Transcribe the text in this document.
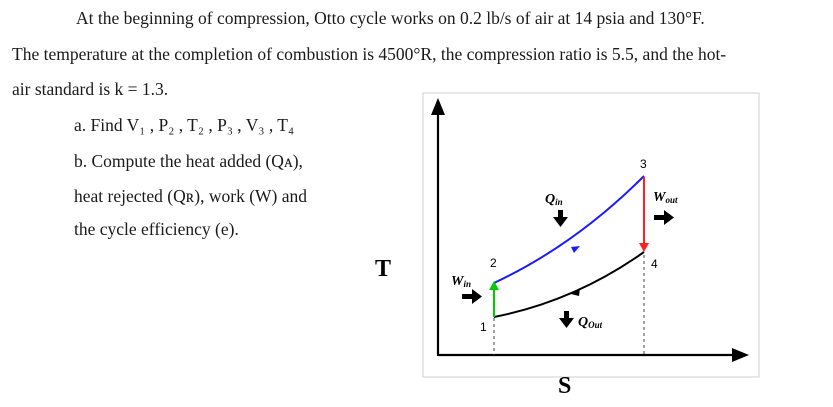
At the beginning of compression, Otto cycle works on 0.2 lb/s of air at 14 psia and 130°F.
The temperature at the completion of combustion is 4500°R, the compression ratio is 5.5, and the hot-
air standard is k = 1.3.
a. Find V₁ , P₂ , T₂ , P₃ , V₃ , T₄
b. Compute the heat added (Qᴀ),
heat rejected (Qʀ), work (W) and
the cycle efficiency (e).
T
S
1
2
3
4
Qin
QOut
Win
Wout
